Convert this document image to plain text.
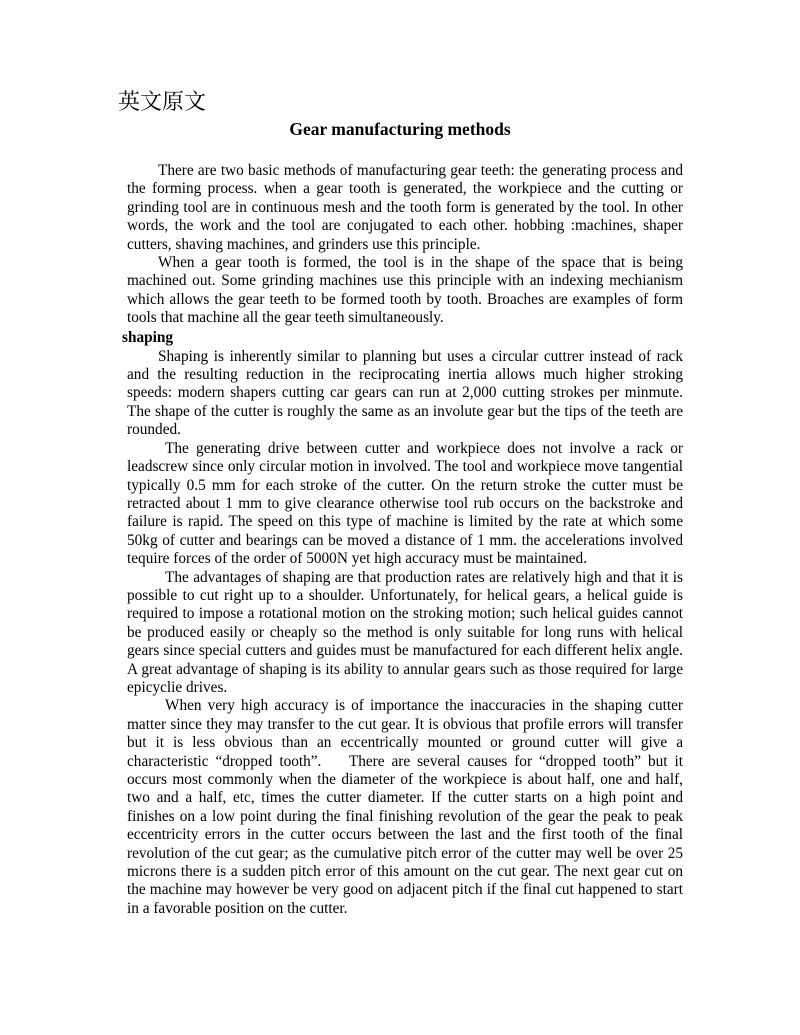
英文原文
Gear manufacturing methods

There are two basic methods of manufacturing gear teeth: the generating process and the forming process. when a gear tooth is generated, the workpiece and the cutting or grinding tool are in continuous mesh and the tooth form is generated by the tool. In other words, the work and the tool are conjugated to each other. hobbing :machines, shaper cutters, shaving machines, and grinders use this principle.

When a gear tooth is formed, the tool is in the shape of the space that is being machined out. Some grinding machines use this principle with an indexing mechianism which allows the gear teeth to be formed tooth by tooth. Broaches are examples of form tools that machine all the gear teeth simultaneously.

shaping

Shaping is inherently similar to planning but uses a circular cuttrer instead of rack and the resulting reduction in the reciprocating inertia allows much higher stroking speeds: modern shapers cutting car gears can run at 2,000 cutting strokes per minmute. The shape of the cutter is roughly the same as an involute gear but the tips of the teeth are rounded.

The generating drive between cutter and workpiece does not involve a rack or leadscrew since only circular motion in involved. The tool and workpiece move tangential typically 0.5 mm for each stroke of the cutter. On the return stroke the cutter must be retracted about 1 mm to give clearance otherwise tool rub occurs on the backstroke and failure is rapid. The speed on this type of machine is limited by the rate at which some 50kg of cutter and bearings can be moved a distance of 1 mm. the accelerations involved tequire forces of the order of 5000N yet high accuracy must be maintained.

The advantages of shaping are that production rates are relatively high and that it is possible to cut right up to a shoulder. Unfortunately, for helical gears, a helical guide is required to impose a rotational motion on the stroking motion; such helical guides cannot be produced easily or cheaply so the method is only suitable for long runs with helical gears since special cutters and guides must be manufactured for each different helix angle. A great advantage of shaping is its ability to annular gears such as those required for large epicyclie drives.

When very high accuracy is of importance the inaccuracies in the shaping cutter matter since they may transfer to the cut gear. It is obvious that profile errors will transfer but it is less obvious than an eccentrically mounted or ground cutter will give a characteristic “dropped tooth”.    There are several causes for “dropped tooth” but it occurs most commonly when the diameter of the workpiece is about half, one and half, two and a half, etc, times the cutter diameter. If the cutter starts on a high point and finishes on a low point during the final finishing revolution of the gear the peak to peak eccentricity errors in the cutter occurs between the last and the first tooth of the final revolution of the cut gear; as the cumulative pitch error of the cutter may well be over 25 microns there is a sudden pitch error of this amount on the cut gear. The next gear cut on the machine may however be very good on adjacent pitch if the final cut happened to start in a favorable position on the cutter.
